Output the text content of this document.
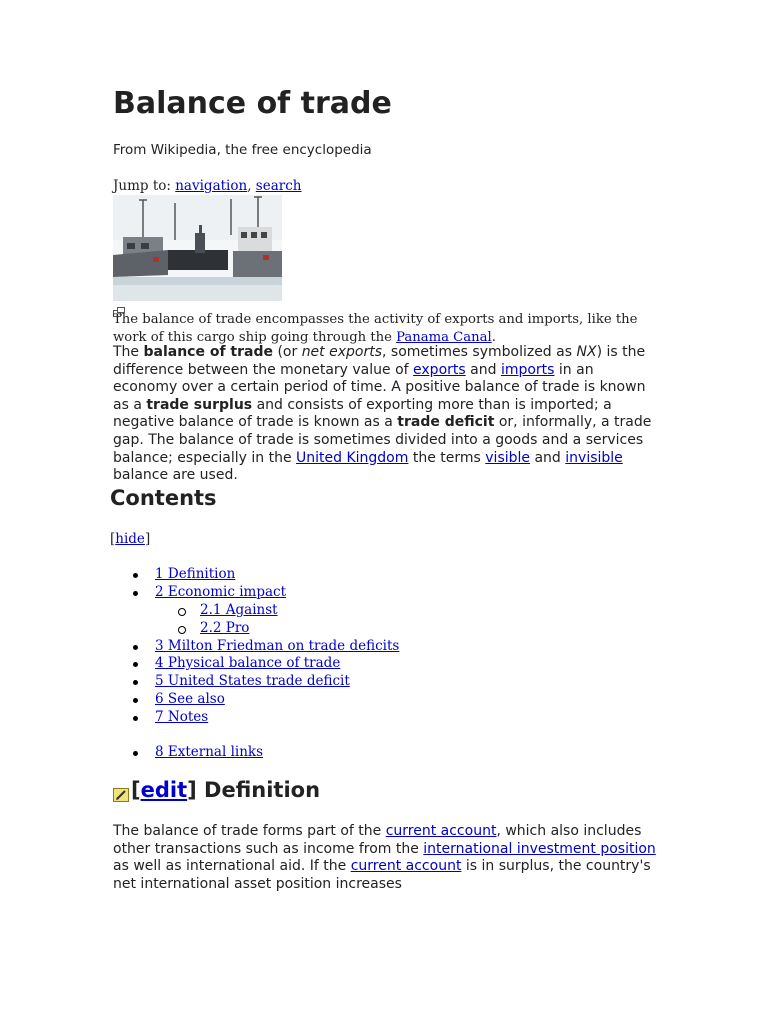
Balance of trade
From Wikipedia, the free encyclopedia
Jump to: navigation, search
The balance of trade encompasses the activity of exports and imports, like the work of this cargo ship going through the Panama Canal.
The balance of trade (or net exports, sometimes symbolized as NX) is the difference between the monetary value of exports and imports in an economy over a certain period of time. A positive balance of trade is known as a trade surplus and consists of exporting more than is imported; a negative balance of trade is known as a trade deficit or, informally, a trade gap. The balance of trade is sometimes divided into a goods and a services balance; especially in the United Kingdom the terms visible and invisible balance are used.
Contents
[hide]
1 Definition
2 Economic impact
2.1 Against
2.2 Pro
3 Milton Friedman on trade deficits
4 Physical balance of trade
5 United States trade deficit
6 See also
7 Notes
8 External links
[ edit ] Definition
The balance of trade forms part of the current account, which also includes other transactions such as income from the international investment position as well as international aid. If the current account is in surplus, the country's net international asset position increases
